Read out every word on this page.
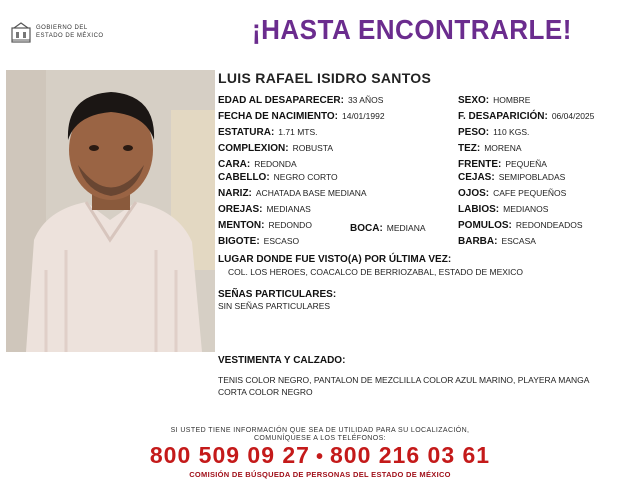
GOBIERNO DEL
ESTADO DE MÉXICO	¡HASTA ENCONTRARLE!
LUIS RAFAEL ISIDRO SANTOS
EDAD AL DESAPARECER: 33 AÑOS
FECHA DE NACIMIENTO: 14/01/1992
ESTATURA: 1.71 MTS.
COMPLEXION: ROBUSTA
CARA: REDONDA
CABELLO: NEGRO CORTO
NARIZ: ACHATADA BASE MEDIANA
OREJAS: MEDIANAS
MENTON: REDONDO
BIGOTE: ESCASO
BOCA: MEDIANA
SEXO: HOMBRE
F. DESAPARICIÓN: 06/04/2025
PESO: 110 KGS.
TEZ: MORENA
FRENTE: PEQUEÑA
CEJAS: SEMIPOBLADAS
OJOS: CAFE PEQUEÑOS
LABIOS: MEDIANOS
POMULOS: REDONDEADOS
BARBA: ESCASA
LUGAR DONDE FUE VISTO(A) POR ÚLTIMA VEZ:
COL. LOS HEROES, COACALCO DE BERRIOZABAL, ESTADO DE MEXICO
SEÑAS PARTICULARES:
SIN SEÑAS PARTICULARES
VESTIMENTA Y CALZADO:
TENIS COLOR NEGRO, PANTALON DE MEZCLILLA COLOR AZUL MARINO, PLAYERA MANGA CORTA COLOR NEGRO
SI USTED TIENE INFORMACIÓN QUE SEA DE UTILIDAD PARA SU LOCALIZACIÓN,
COMUNÍQUESE A LOS TELÉFONOS:
800 509 09 27 • 800 216 03 61
COMISIÓN DE BÚSQUEDA DE PERSONAS DEL ESTADO DE MÉXICO
